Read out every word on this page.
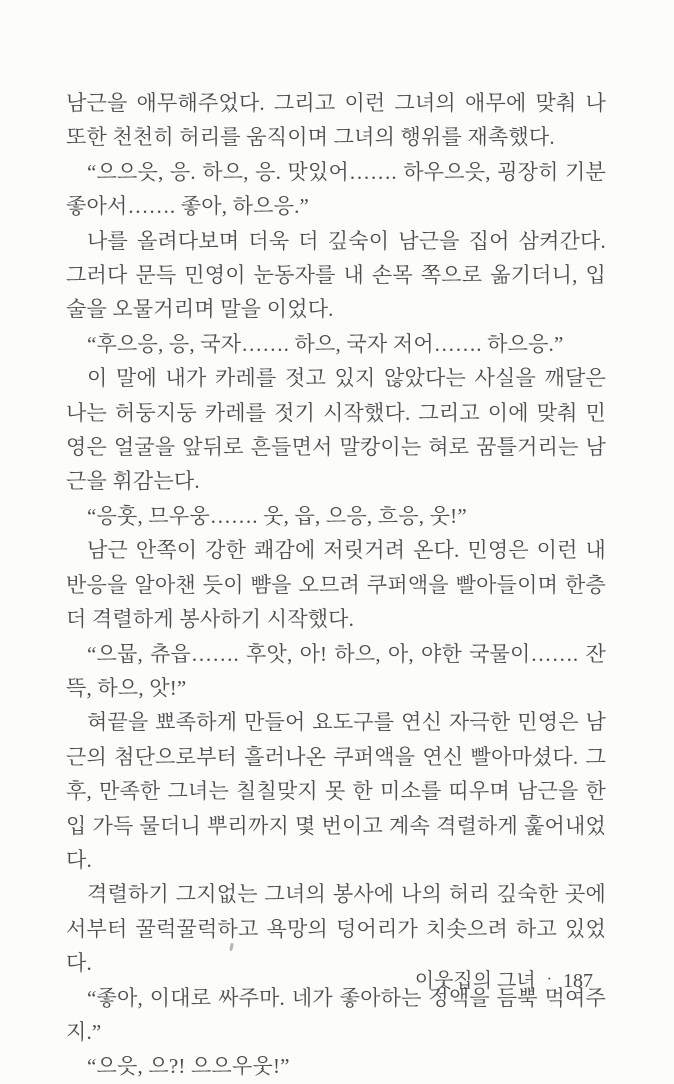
남근을 애무해주었다. 그리고 이런 그녀의 애무에 맞춰 나 또한 천천히 허리를 움직이며 그녀의 행위를 재촉했다.

“으으읏, 응. 하으, 응. 맛있어……. 하우으읏, 굉장히 기분 좋아서……. 좋아, 하으응.”

나를 올려다보며 더욱 더 깊숙이 남근을 집어 삼켜간다. 그러다 문득 민영이 눈동자를 내 손목 쪽으로 옮기더니, 입술을 오물거리며 말을 이었다.

“후으응, 응, 국자……. 하으, 국자 저어……. 하으응.”

이 말에 내가 카레를 젓고 있지 않았다는 사실을 깨달은 나는 허둥지둥 카레를 젓기 시작했다. 그리고 이에 맞춰 민영은 얼굴을 앞뒤로 흔들면서 말캉이는 혀로 꿈틀거리는 남근을 휘감는다.

“응훗, 므우웅……. 웃, 읍, 으응, 흐응, 웃!”

남근 안쪽이 강한 쾌감에 저릿거려 온다. 민영은 이런 내 반응을 알아챈 듯이 뺨을 오므려 쿠퍼액을 빨아들이며 한층 더 격렬하게 봉사하기 시작했다.

“으뭅, 츄읍……. 후앗, 아! 하으, 아, 야한 국물이……. 잔뜩, 하으, 앗!”

혀끝을 뾰족하게 만들어 요도구를 연신 자극한 민영은 남근의 첨단으로부터 흘러나온 쿠퍼액을 연신 빨아마셨다. 그 후, 만족한 그녀는 칠칠맞지 못 한 미소를 띠우며 남근을 한 입 가득 물더니 뿌리까지 몇 번이고 계속 격렬하게 훑어내었다.

격렬하기 그지없는 그녀의 봉사에 나의 허리 깊숙한 곳에서부터 꿀럭꿀럭하고 욕망의 덩어리가 치솟으려 하고 있었다.

“좋아, 이대로 싸주마. 네가 좋아하는 정액을 듬뿍 먹여주지.”

“으읏, 으?! 으으우웃!”

이웃집의 그녀 · 187
